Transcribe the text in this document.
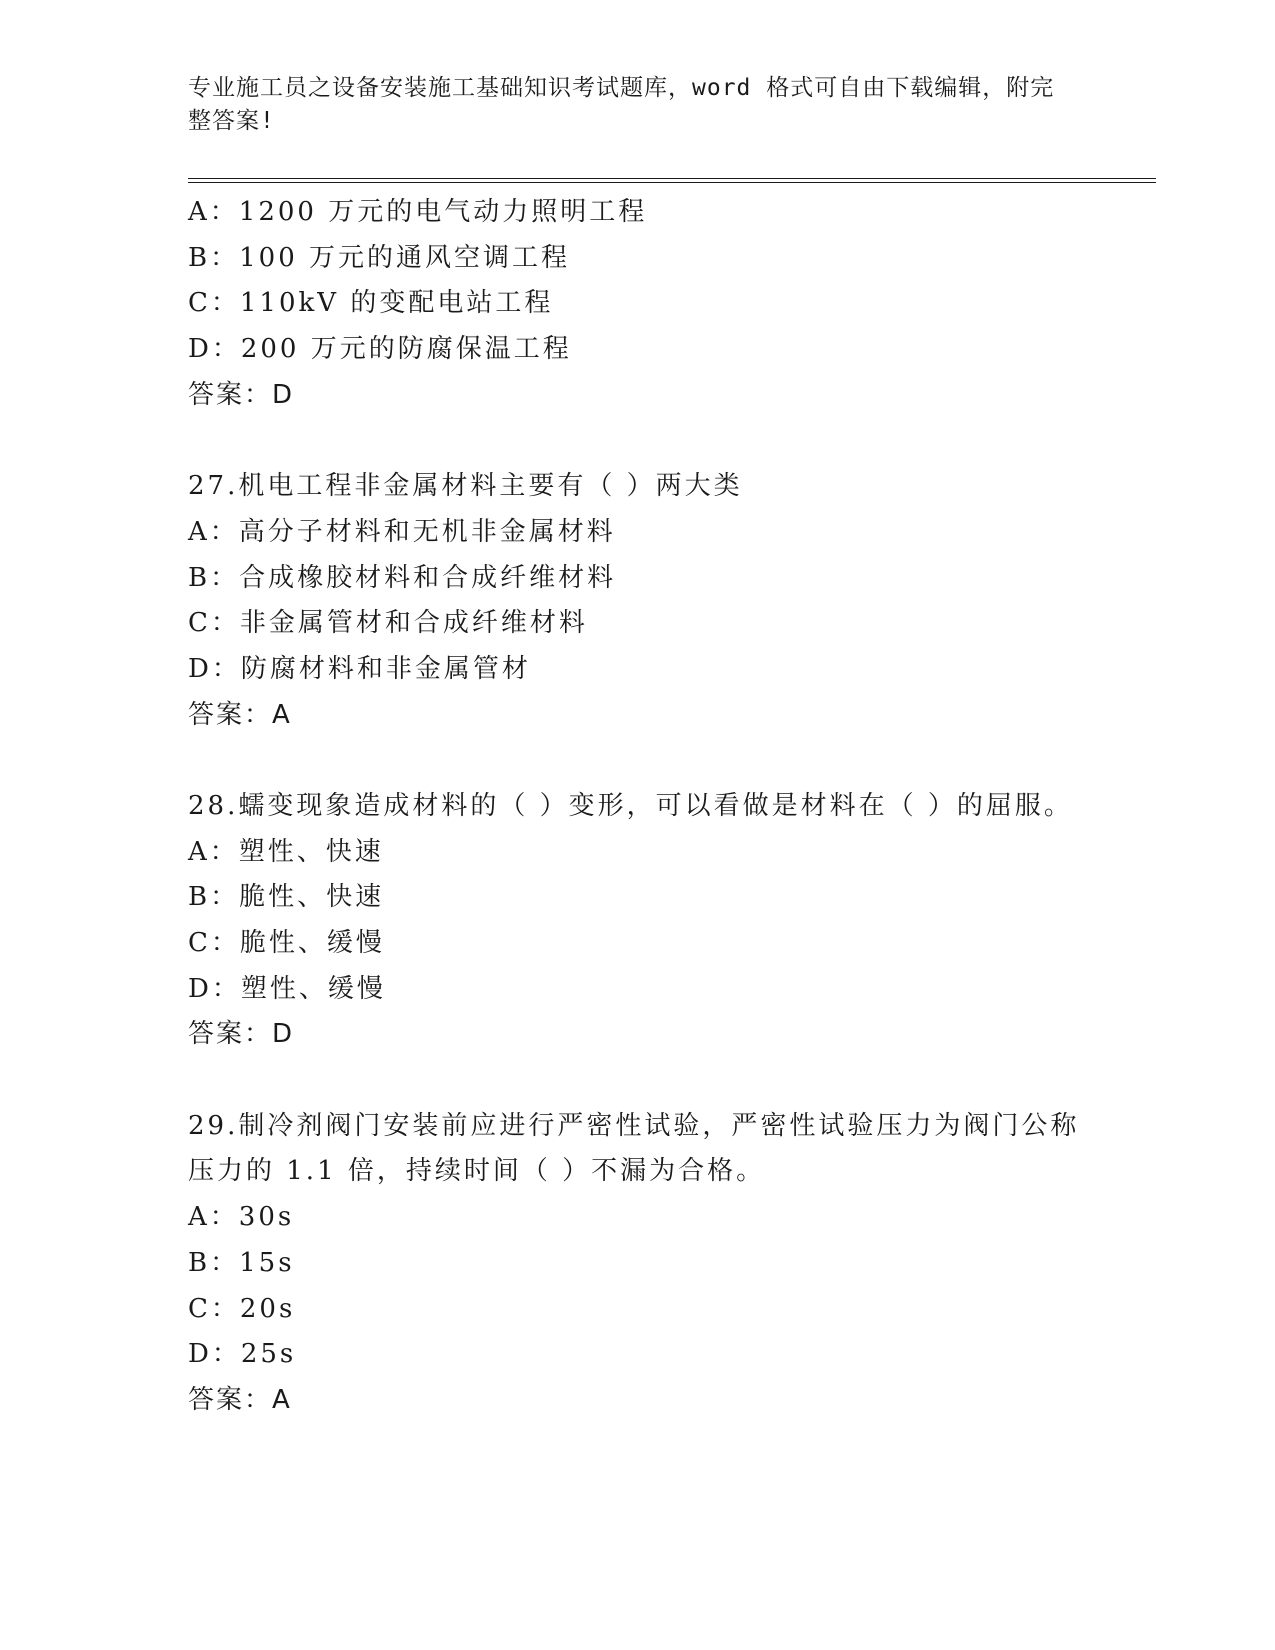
专业施工员之设备安装施工基础知识考试题库，word 格式可自由下载编辑，附完
整答案!
A：1200 万元的电气动力照明工程
B：100 万元的通风空调工程
C：110kV 的变配电站工程
D：200 万元的防腐保温工程
答案：D
27.机电工程非金属材料主要有（ ）两大类
A：高分子材料和无机非金属材料
B：合成橡胶材料和合成纤维材料
C：非金属管材和合成纤维材料
D：防腐材料和非金属管材
答案：A
28.蠕变现象造成材料的（ ）变形，可以看做是材料在（ ）的屈服。
A：塑性、快速
B：脆性、快速
C：脆性、缓慢
D：塑性、缓慢
答案：D
29.制冷剂阀门安装前应进行严密性试验，严密性试验压力为阀门公称
压力的 1.1 倍，持续时间（ ）不漏为合格。
A：30s
B：15s
C：20s
D：25s
答案：A
